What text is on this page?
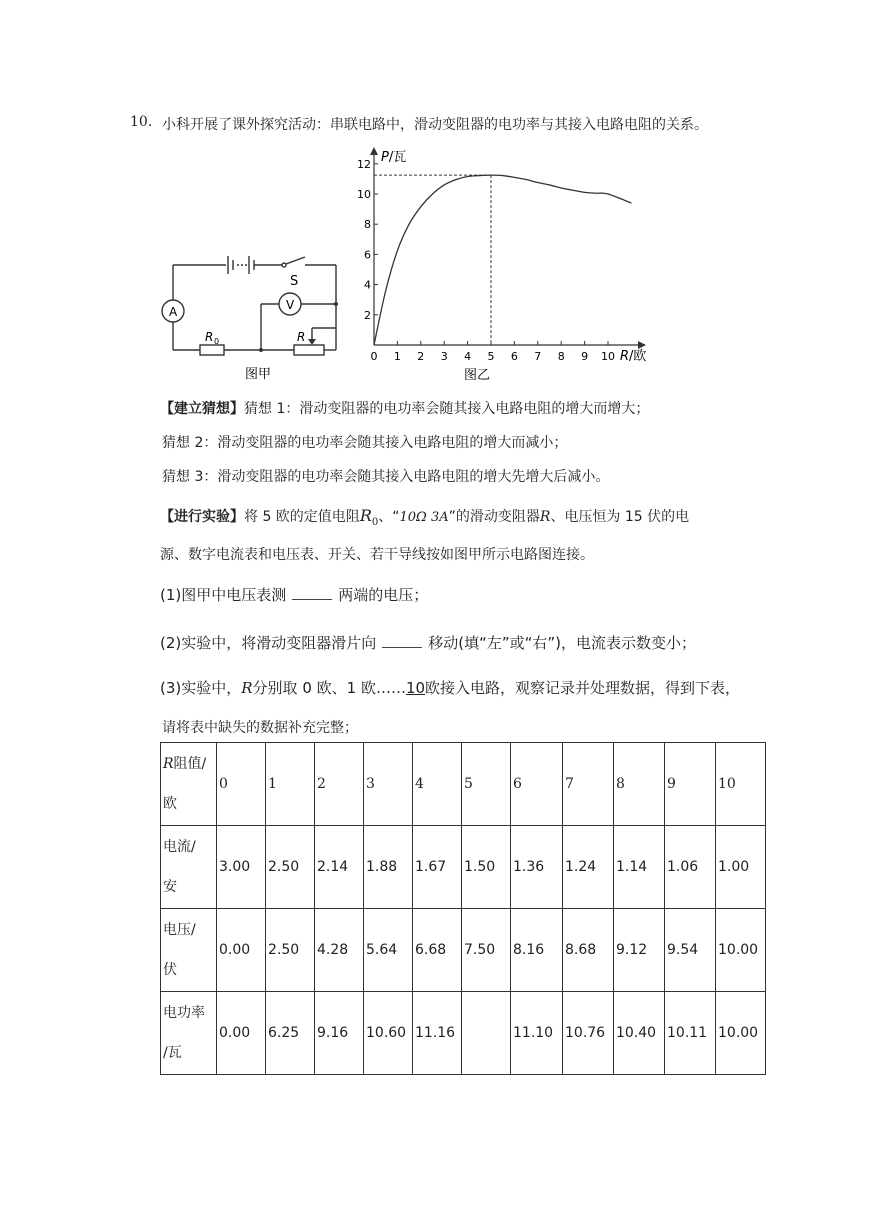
10. 小科开展了课外探究活动：串联电路中，滑动变阻器的电功率与其接入电路电阻的关系。
A	V
S
R 0	R
图甲
0 1 2 3 4 5 6 7 8 9 10
2
4
6
8
10
12 P/瓦
R/欧
图乙
【建立猜想】猜想 1：滑动变阻器的电功率会随其接入电路电阻的增大而增大；
猜想 2：滑动变阻器的电功率会随其接入电路电阻的增大而减小；
猜想 3：滑动变阻器的电功率会随其接入电路电阻的增大先增大后减小。
【进行实验】将 5 欧的定值电阻$R_0$、“10Ω 3A”的滑动变阻器R、电压恒为 15 伏的电
源、数字电流表和电压表、开关、若干导线按如图甲所示电路图连接。
(1)图甲中电压表测	两端的电压；
(2)实验中，将滑动变阻器滑片向	移动(填“左”或“右”)，电流表示数变小；
(3)实验中，R分别取 0 欧、1 欧……10欧接入电路，观察记录并处理数据，得到下表，
请将表中缺失的数据补充完整；
R阻值/
欧	0	1	2	3	4	5	6	7	8	9	10

电流/
安	3.00	2.50	2.14	1.88	1.67	1.50	1.36	1.24	1.14	1.06	1.00

电压/
伏	0.00	2.50	4.28	5.64	6.68	7.50	8.16	8.68	9.12	9.54	10.00

电功率
/瓦	0.00	6.25	9.16	10.60	11.16		11.10	10.76	10.40	10.11	10.00
